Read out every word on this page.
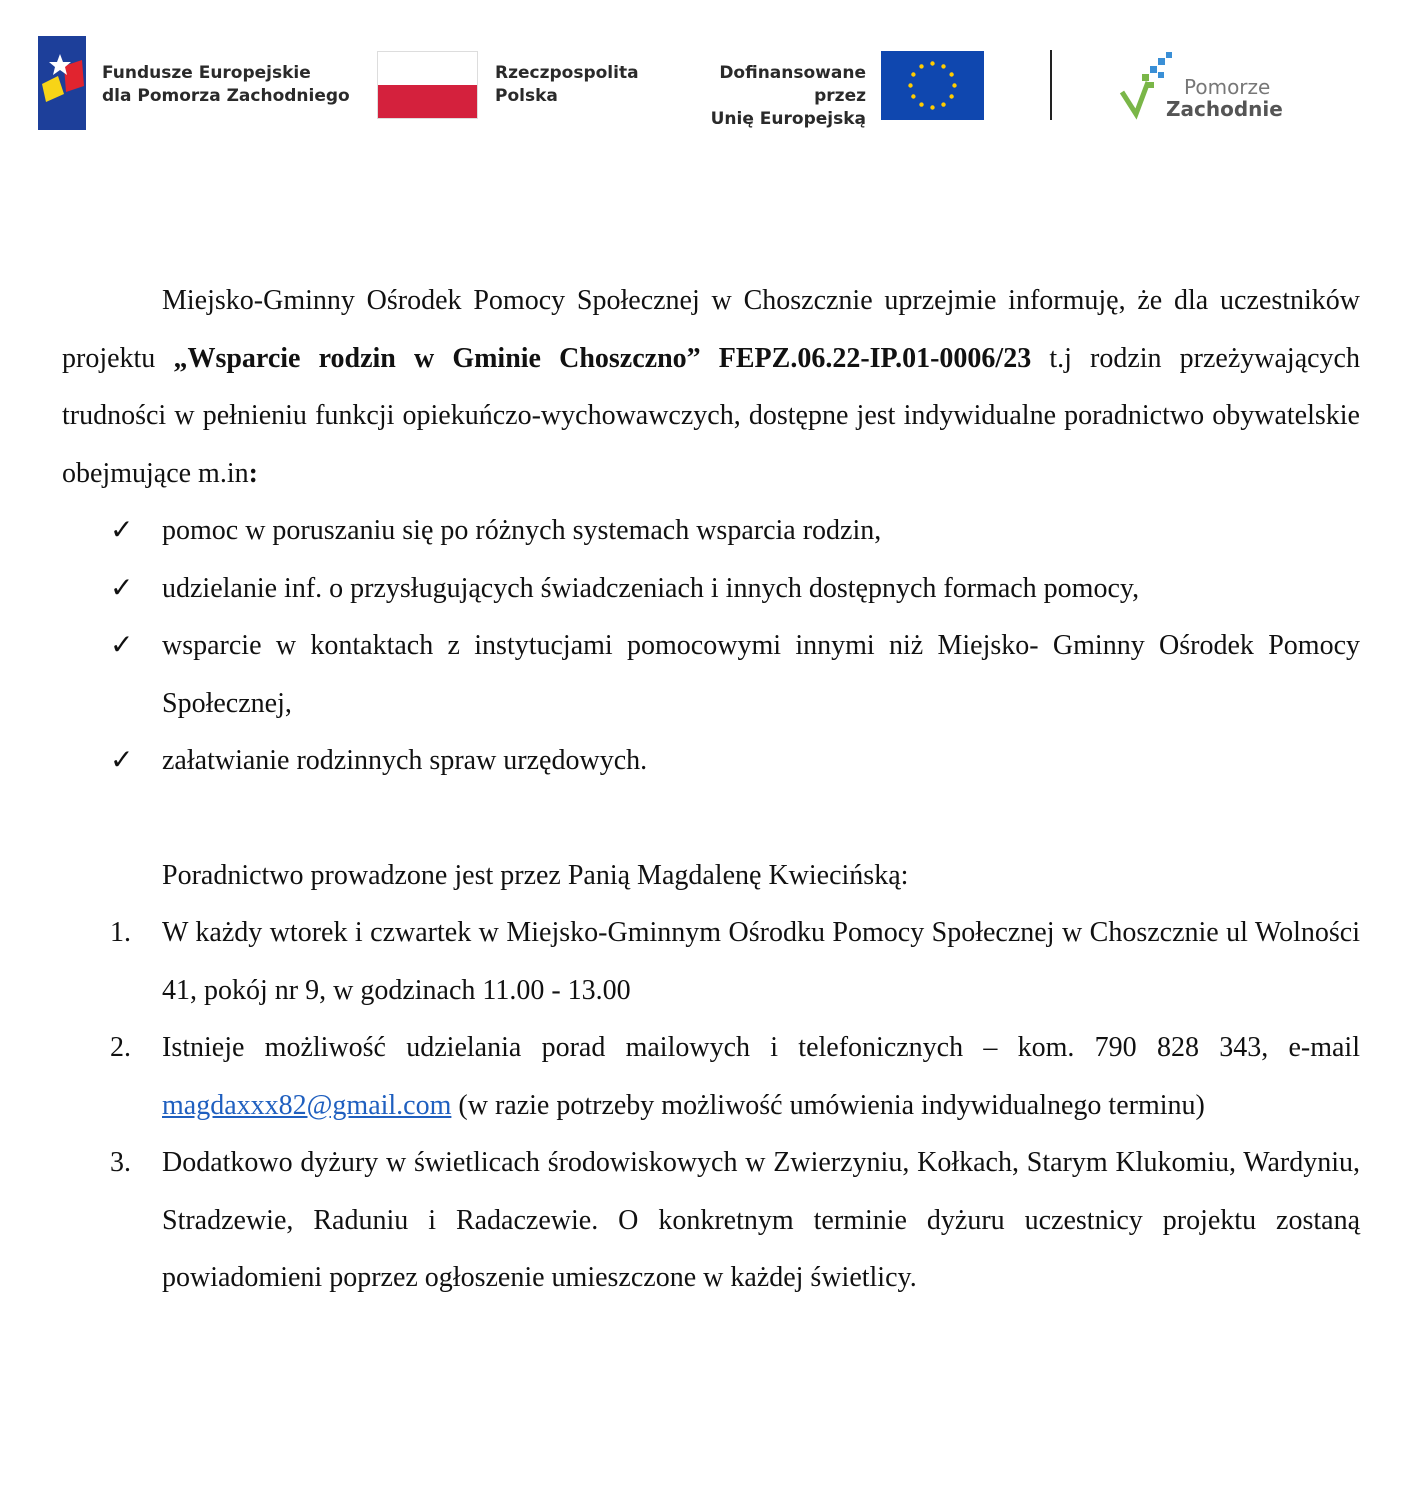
Fundusze Europejskie
dla Pomorza Zachodniego
Rzeczpospolita
Polska
Dofinansowane przez
Unię Europejską
Pomorze
Zachodnie

Miejsko-Gminny Ośrodek Pomocy Społecznej w Choszcznie uprzejmie informuję, że dla uczestników projektu „Wsparcie rodzin w Gminie Choszczno” FEPZ.06.22-IP.01-0006/23 t.j rodzin przeżywających trudności w pełnieniu funkcji opiekuńczo-wychowawczych, dostępne jest indywidualne poradnictwo obywatelskie obejmujące m.in:

✓	pomoc w poruszaniu się po różnych systemach wsparcia rodzin,
✓	udzielanie inf. o przysługujących świadczeniach i innych dostępnych formach pomocy,
✓	wsparcie w kontaktach z instytucjami pomocowymi innymi niż Miejsko- Gminny Ośrodek Pomocy Społecznej,
✓	załatwianie rodzinnych spraw urzędowych.

Poradnictwo prowadzone jest przez Panią Magdalenę Kwiecińską:

1.	W każdy wtorek i czwartek w Miejsko-Gminnym Ośrodku Pomocy Społecznej w Choszcznie ul Wolności 41, pokój nr 9, w godzinach 11.00 - 13.00
2.	Istnieje możliwość udzielania porad mailowych i telefonicznych – kom. 790 828 343, e-mail magdaxxx82@gmail.com (w razie potrzeby możliwość umówienia indywidualnego terminu)
3.	Dodatkowo dyżury w świetlicach środowiskowych w Zwierzyniu, Kołkach, Starym Klukomiu, Wardyniu, Stradzewie, Raduniu i Radaczewie. O konkretnym terminie dyżuru uczestnicy projektu zostaną powiadomieni poprzez ogłoszenie umieszczone w każdej świetlicy.
